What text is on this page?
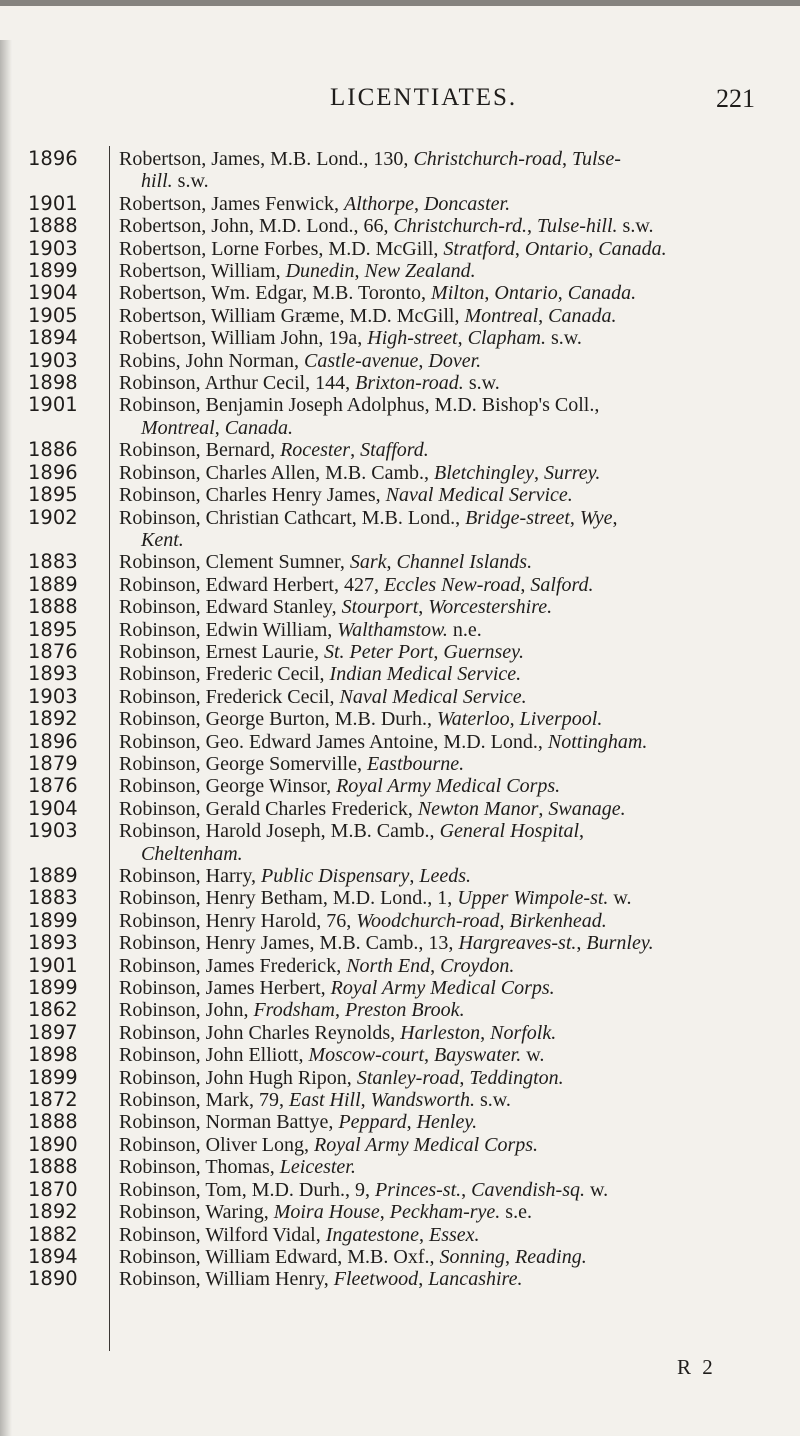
LICENTIATES.	221
1896	Robertson, James, M.B. Lond., 130, Christchurch-road, Tulse-
hill. s.w.
1901	Robertson, James Fenwick, Althorpe, Doncaster.
1888	Robertson, John, M.D. Lond., 66, Christchurch-rd., Tulse-hill. s.w.
1903	Robertson, Lorne Forbes, M.D. McGill, Stratford, Ontario, Canada.
1899	Robertson, William, Dunedin, New Zealand.
1904	Robertson, Wm. Edgar, M.B. Toronto, Milton, Ontario, Canada.
1905	Robertson, William Græme, M.D. McGill, Montreal, Canada.
1894	Robertson, William John, 19a, High-street, Clapham. s.w.
1903	Robins, John Norman, Castle-avenue, Dover.
1898	Robinson, Arthur Cecil, 144, Brixton-road. s.w.
1901	Robinson, Benjamin Joseph Adolphus, M.D. Bishop's Coll.,
Montreal, Canada.
1886	Robinson, Bernard, Rocester, Stafford.
1896	Robinson, Charles Allen, M.B. Camb., Bletchingley, Surrey.
1895	Robinson, Charles Henry James, Naval Medical Service.
1902	Robinson, Christian Cathcart, M.B. Lond., Bridge-street, Wye,
Kent.
1883	Robinson, Clement Sumner, Sark, Channel Islands.
1889	Robinson, Edward Herbert, 427, Eccles New-road, Salford.
1888	Robinson, Edward Stanley, Stourport, Worcestershire.
1895	Robinson, Edwin William, Walthamstow. n.e.
1876	Robinson, Ernest Laurie, St. Peter Port, Guernsey.
1893	Robinson, Frederic Cecil, Indian Medical Service.
1903	Robinson, Frederick Cecil, Naval Medical Service.
1892	Robinson, George Burton, M.B. Durh., Waterloo, Liverpool.
1896	Robinson, Geo. Edward James Antoine, M.D. Lond., Nottingham.
1879	Robinson, George Somerville, Eastbourne.
1876	Robinson, George Winsor, Royal Army Medical Corps.
1904	Robinson, Gerald Charles Frederick, Newton Manor, Swanage.
1903	Robinson, Harold Joseph, M.B. Camb., General Hospital,
Cheltenham.
1889	Robinson, Harry, Public Dispensary, Leeds.
1883	Robinson, Henry Betham, M.D. Lond., 1, Upper Wimpole-st. w.
1899	Robinson, Henry Harold, 76, Woodchurch-road, Birkenhead.
1893	Robinson, Henry James, M.B. Camb., 13, Hargreaves-st., Burnley.
1901	Robinson, James Frederick, North End, Croydon.
1899	Robinson, James Herbert, Royal Army Medical Corps.
1862	Robinson, John, Frodsham, Preston Brook.
1897	Robinson, John Charles Reynolds, Harleston, Norfolk.
1898	Robinson, John Elliott, Moscow-court, Bayswater. w.
1899	Robinson, John Hugh Ripon, Stanley-road, Teddington.
1872	Robinson, Mark, 79, East Hill, Wandsworth. s.w.
1888	Robinson, Norman Battye, Peppard, Henley.
1890	Robinson, Oliver Long, Royal Army Medical Corps.
1888	Robinson, Thomas, Leicester.
1870	Robinson, Tom, M.D. Durh., 9, Princes-st., Cavendish-sq. w.
1892	Robinson, Waring, Moira House, Peckham-rye. s.e.
1882	Robinson, Wilford Vidal, Ingatestone, Essex.
1894	Robinson, William Edward, M.B. Oxf., Sonning, Reading.
1890	Robinson, William Henry, Fleetwood, Lancashire.
R 2
